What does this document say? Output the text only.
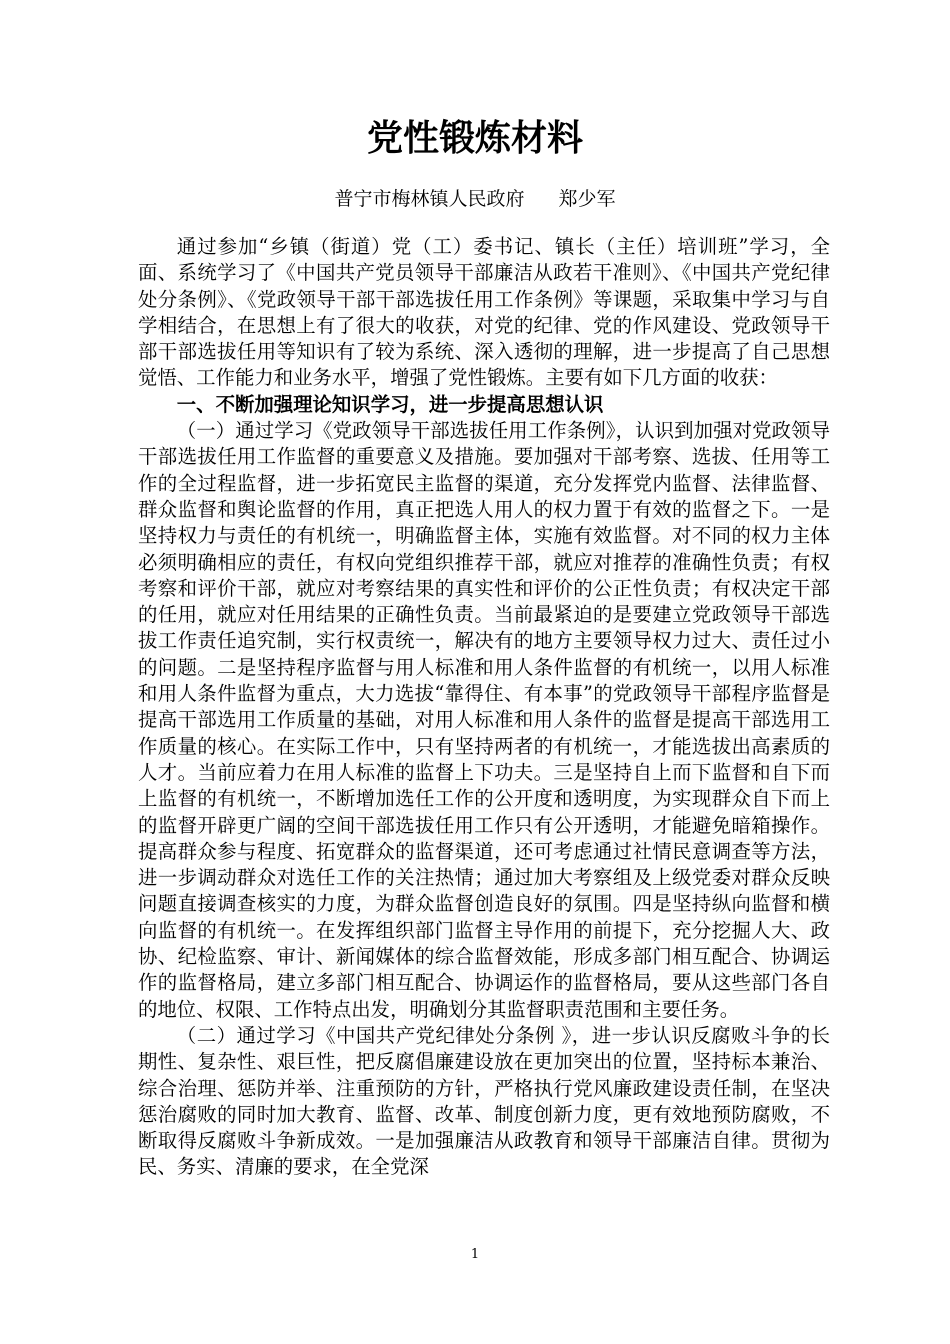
党性锻炼材料
普宁市梅林镇人民政府 郑少军

通过参加“乡镇（街道）党（工）委书记、镇长（主任）培训班”学习，全面、系统学习了《中国共产党员领导干部廉洁从政若干准则》、《中国共产党纪律处分条例》、《党政领导干部干部选拔任用工作条例》等课题，采取集中学习与自学相结合，在思想上有了很大的收获，对党的纪律、党的作风建设、党政领导干部干部选拔任用等知识有了较为系统、深入透彻的理解，进一步提高了自己思想觉悟、工作能力和业务水平，增强了党性锻炼。主要有如下几方面的收获：

一、不断加强理论知识学习，进一步提高思想认识

（一）通过学习《党政领导干部选拔任用工作条例》，认识到加强对党政领导干部选拔任用工作监督的重要意义及措施。要加强对干部考察、选拔、任用等工作的全过程监督，进一步拓宽民主监督的渠道，充分发挥党内监督、法律监督、群众监督和舆论监督的作用，真正把选人用人的权力置于有效的监督之下。一是坚持权力与责任的有机统一，明确监督主体，实施有效监督。对不同的权力主体必须明确相应的责任，有权向党组织推荐干部，就应对推荐的准确性负责；有权考察和评价干部，就应对考察结果的真实性和评价的公正性负责；有权决定干部的任用，就应对任用结果的正确性负责。当前最紧迫的是要建立党政领导干部选拔工作责任追究制，实行权责统一，解决有的地方主要领导权力过大、责任过小的问题。二是坚持程序监督与用人标准和用人条件监督的有机统一，以用人标准和用人条件监督为重点，大力选拔“靠得住、有本事”的党政领导干部程序监督是提高干部选用工作质量的基础，对用人标准和用人条件的监督是提高干部选用工作质量的核心。在实际工作中，只有坚持两者的有机统一，才能选拔出高素质的人才。当前应着力在用人标准的监督上下功夫。三是坚持自上而下监督和自下而上监督的有机统一，不断增加选任工作的公开度和透明度，为实现群众自下而上的监督开辟更广阔的空间干部选拔任用工作只有公开透明，才能避免暗箱操作。提高群众参与程度、拓宽群众的监督渠道，还可考虑通过社情民意调查等方法，进一步调动群众对选任工作的关注热情；通过加大考察组及上级党委对群众反映问题直接调查核实的力度，为群众监督创造良好的氛围。四是坚持纵向监督和横向监督的有机统一。在发挥组织部门监督主导作用的前提下，充分挖掘人大、政协、纪检监察、审计、新闻媒体的综合监督效能，形成多部门相互配合、协调运作的监督格局，建立多部门相互配合、协调运作的监督格局，要从这些部门各自的地位、权限、工作特点出发，明确划分其监督职责范围和主要任务。

（二）通过学习《中国共产党纪律处分条例 》，进一步认识反腐败斗争的长期性、复杂性、艰巨性，把反腐倡廉建设放在更加突出的位置，坚持标本兼治、综合治理、惩防并举、注重预防的方针，严格执行党风廉政建设责任制，在坚决惩治腐败的同时加大教育、监督、改革、制度创新力度，更有效地预防腐败，不断取得反腐败斗争新成效。一是加强廉洁从政教育和领导干部廉洁自律。贯彻为民、务实、清廉的要求，在全党深

1
